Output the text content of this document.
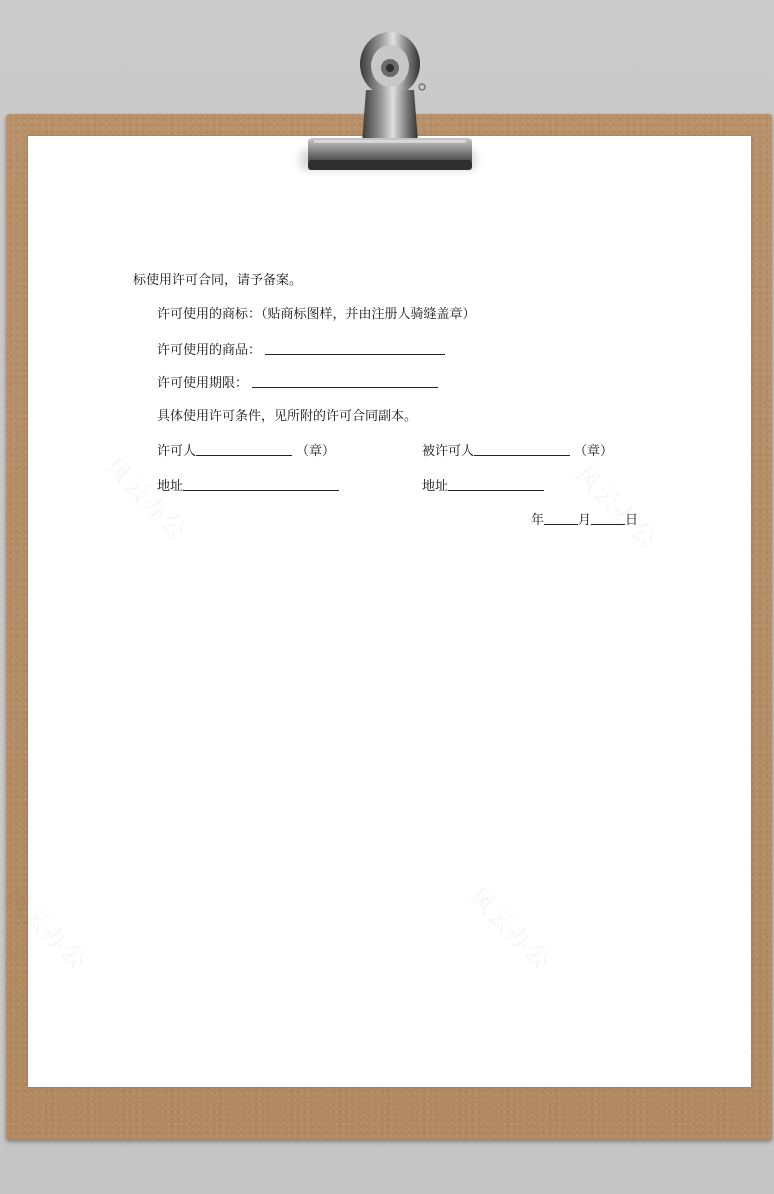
标使用许可合同，请予备案。
许可使用的商标：（贴商标图样，并由注册人骑缝盖章）
许可使用的商品：
许可使用期限：
具体使用许可条件，见所附的许可合同副本。
许可人	（章）	被许可人	（章）
地址	地址
年	月	日
